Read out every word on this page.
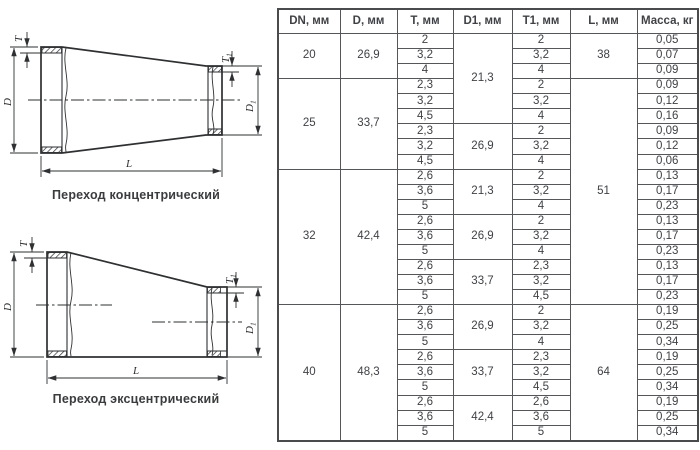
T
D
$T_1$
$D_1$
L
Переход концентрический
T
D
$T_1$
$D_1$
L
Переход эксцентрический
DN, мм	D, мм	T, мм	D1, мм	T1, мм	L, мм	Масса, кг
20	26,9	2	21,3	2	38	0,05
		3,2		3,2		0,07
		4		4		0,09
25	33,7	2,3		2	51	0,09
		3,2		3,2		0,12
		4,5		4		0,16
		2,3	26,9	2		0,09
		3,2		3,2		0,12
		4,5		4		0,06
32	42,4	2,6	21,3	2		0,13
		3,6		3,2		0,17
		5		4		0,23
		2,6	26,9	2		0,13
		3,6		3,2		0,17
		5		4		0,23
		2,6	33,7	2,3		0,13
		3,6		3,2		0,17
		5		4,5		0,23
40	48,3	2,6	26,9	2	64	0,19
		3,6		3,2		0,25
		5		4		0,34
		2,6	33,7	2,3		0,19
		3,6		3,2		0,25
		5		4,5		0,34
		2,6	42,4	2,6		0,19
		3,6		3,6		0,25
		5		5		0,34
